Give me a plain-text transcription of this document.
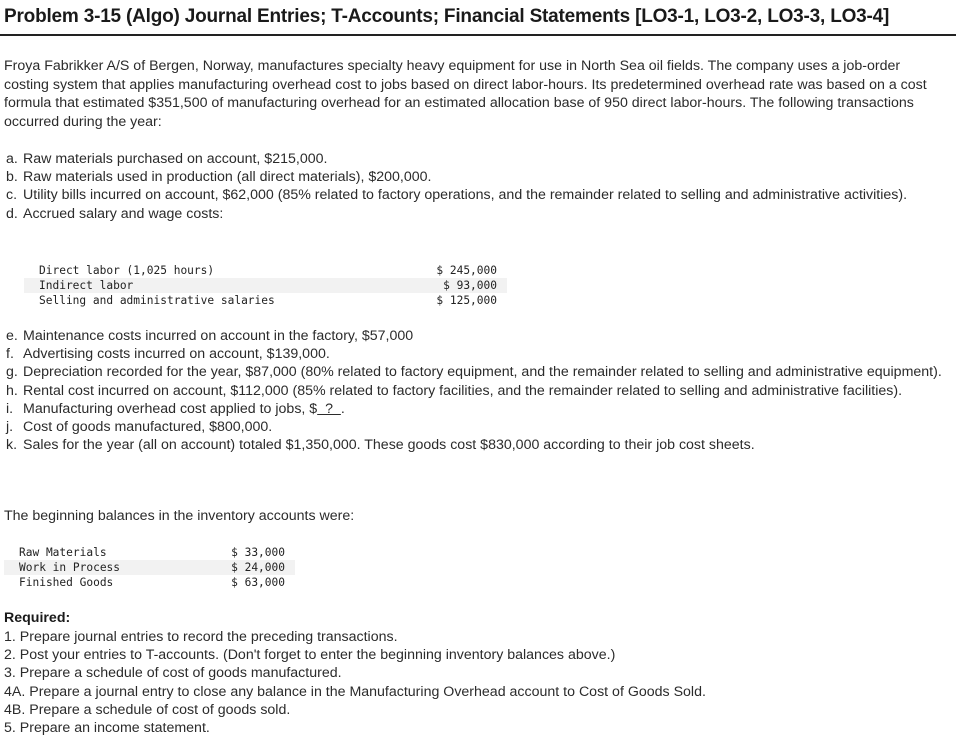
Problem 3-15 (Algo) Journal Entries; T-Accounts; Financial Statements [LO3-1, LO3-2, LO3-3, LO3-4]

Froya Fabrikker A/S of Bergen, Norway, manufactures specialty heavy equipment for use in North Sea oil fields. The company uses a job-order costing system that applies manufacturing overhead cost to jobs based on direct labor-hours. Its predetermined overhead rate was based on a cost formula that estimated $351,500 of manufacturing overhead for an estimated allocation base of 950 direct labor-hours. The following transactions occurred during the year:

a. Raw materials purchased on account, $215,000.
b. Raw materials used in production (all direct materials), $200,000.
c. Utility bills incurred on account, $62,000 (85% related to factory operations, and the remainder related to selling and administrative activities).
d. Accrued salary and wage costs:
Direct labor (1,025 hours)	$ 245,000
Indirect labor	$ 93,000
Selling and administrative salaries	$ 125,000
e. Maintenance costs incurred on account in the factory, $57,000
f. Advertising costs incurred on account, $139,000.
g. Depreciation recorded for the year, $87,000 (80% related to factory equipment, and the remainder related to selling and administrative equipment).
h. Rental cost incurred on account, $112,000 (85% related to factory facilities, and the remainder related to selling and administrative facilities).
i. Manufacturing overhead cost applied to jobs, $  ?  .
j. Cost of goods manufactured, $800,000.
k. Sales for the year (all on account) totaled $1,350,000. These goods cost $830,000 according to their job cost sheets.

The beginning balances in the inventory accounts were:

Raw Materials	$ 33,000
Work in Process	$ 24,000
Finished Goods	$ 63,000

Required:

1. Prepare journal entries to record the preceding transactions.
2. Post your entries to T-accounts. (Don't forget to enter the beginning inventory balances above.)
3. Prepare a schedule of cost of goods manufactured.
4A. Prepare a journal entry to close any balance in the Manufacturing Overhead account to Cost of Goods Sold.
4B. Prepare a schedule of cost of goods sold.
5. Prepare an income statement.
